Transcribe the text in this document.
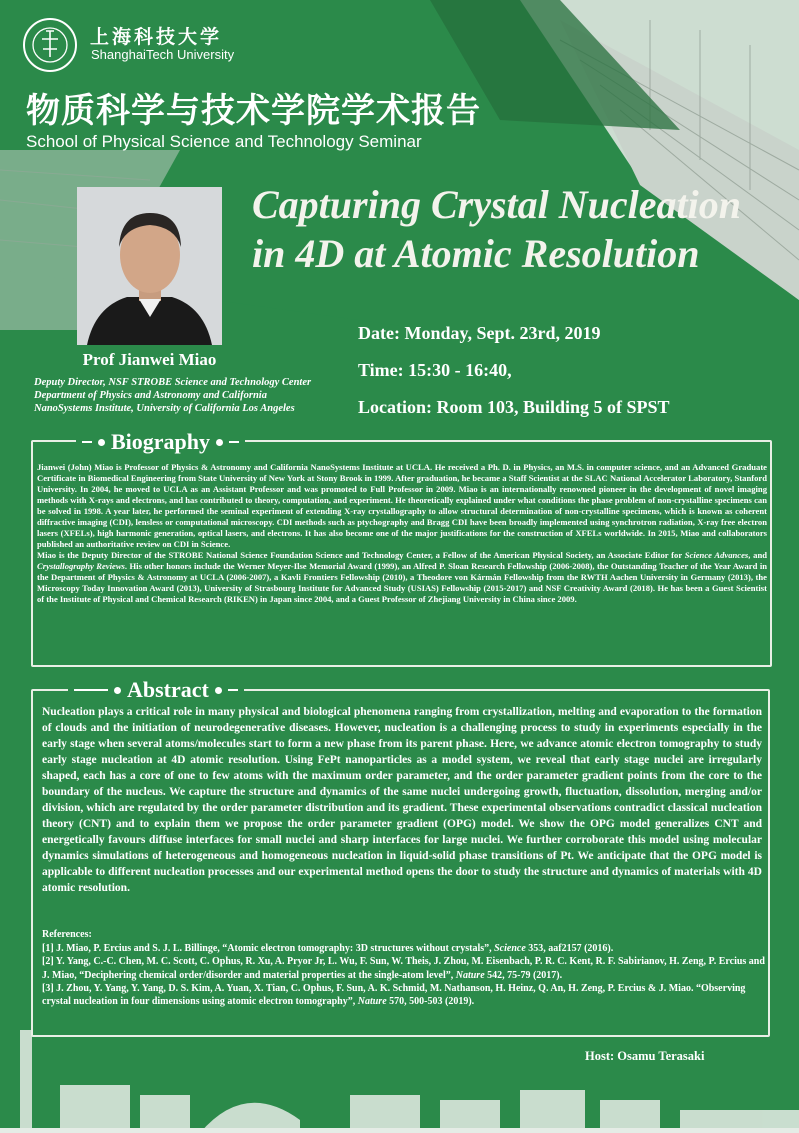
上海科技大学
ShanghaiTech University
物质科学与技术学院学术报告
School of Physical Science and Technology Seminar
Capturing Crystal Nucleation
in 4D at Atomic Resolution
Prof Jianwei Miao
Deputy Director, NSF STROBE Science and Technology Center
Department of Physics and Astronomy and California
NanoSystems Institute, University of California Los Angeles
Date: Monday, Sept. 23rd, 2019
Time: 15:30 - 16:40,
Location: Room 103, Building 5 of SPST
Biography
Jianwei (John) Miao is Professor of Physics & Astronomy and California NanoSystems Institute at UCLA. He received a Ph. D. in Physics, an M.S. in computer science, and an Advanced Graduate Certificate in Biomedical Engineering from State University of New York at Stony Brook in 1999. After graduation, he became a Staff Scientist at the SLAC National Accelerator Laboratory, Stanford University. In 2004, he moved to UCLA as an Assistant Professor and was promoted to Full Professor in 2009. Miao is an internationally renowned pioneer in the development of novel imaging methods with X-rays and electrons, and has contributed to theory, computation, and experiment. He theoretically explained under what conditions the phase problem of non-crystalline specimens can be solved in 1998. A year later, he performed the seminal experiment of extending X-ray crystallography to allow structural determination of non-crystalline specimens, which is known as coherent diffractive imaging (CDI), lensless or computational microscopy. CDI methods such as ptychography and Bragg CDI have been broadly implemented using synchrotron radiation, X-ray free electron lasers (XFELs), high harmonic generation, optical lasers, and electrons. It has also become one of the major justifications for the construction of XFELs worldwide. In 2015, Miao and collaborators published an authoritative review on CDI in Science.
Miao is the Deputy Director of the STROBE National Science Foundation Science and Technology Center, a Fellow of the American Physical Society, an Associate Editor for Science Advances, and Crystallography Reviews. His other honors include the Werner Meyer-Ilse Memorial Award (1999), an Alfred P. Sloan Research Fellowship (2006-2008), the Outstanding Teacher of the Year Award in the Department of Physics & Astronomy at UCLA (2006-2007), a Kavli Frontiers Fellowship (2010), a Theodore von Kármán Fellowship from the RWTH Aachen University in Germany (2013), the Microscopy Today Innovation Award (2013), University of Strasbourg Institute for Advanced Study (USIAS) Fellowship (2015-2017) and NSF Creativity Award (2018). He has been a Guest Scientist of the Institute of Physical and Chemical Research (RIKEN) in Japan since 2004, and a Guest Professor of Zhejiang University in China since 2009.
Abstract
Nucleation plays a critical role in many physical and biological phenomena ranging from crystallization, melting and evaporation to the formation of clouds and the initiation of neurodegenerative diseases. However, nucleation is a challenging process to study in experiments especially in the early stage when several atoms/molecules start to form a new phase from its parent phase. Here, we advance atomic electron tomography to study early stage nucleation at 4D atomic resolution. Using FePt nanoparticles as a model system, we reveal that early stage nuclei are irregularly shaped, each has a core of one to few atoms with the maximum order parameter, and the order parameter gradient points from the core to the boundary of the nucleus. We capture the structure and dynamics of the same nuclei undergoing growth, fluctuation, dissolution, merging and/or division, which are regulated by the order parameter distribution and its gradient. These experimental observations contradict classical nucleation theory (CNT) and to explain them we propose the order parameter gradient (OPG) model. We show the OPG model generalizes CNT and energetically favours diffuse interfaces for small nuclei and sharp interfaces for large nuclei. We further corroborate this model using molecular dynamics simulations of heterogeneous and homogeneous nucleation in liquid-solid phase transitions of Pt. We anticipate that the OPG model is applicable to different nucleation processes and our experimental method opens the door to study the structure and dynamics of materials with 4D atomic resolution.
References:
[1] J. Miao, P. Ercius and S. J. L. Billinge, “Atomic electron tomography: 3D structures without crystals”, Science 353, aaf2157 (2016).
[2] Y. Yang, C.-C. Chen, M. C. Scott, C. Ophus, R. Xu, A. Pryor Jr, L. Wu, F. Sun, W. Theis, J. Zhou, M. Eisenbach, P. R. C. Kent, R. F. Sabirianov, H. Zeng, P. Ercius and J. Miao, “Deciphering chemical order/disorder and material properties at the single-atom level”, Nature 542, 75-79 (2017).
[3] J. Zhou, Y. Yang, Y. Yang, D. S. Kim, A. Yuan, X. Tian, C. Ophus, F. Sun, A. K. Schmid, M. Nathanson, H. Heinz, Q. An, H. Zeng, P. Ercius & J. Miao. “Observing crystal nucleation in four dimensions using atomic electron tomography”, Nature 570, 500-503 (2019).
Host: Osamu Terasaki
